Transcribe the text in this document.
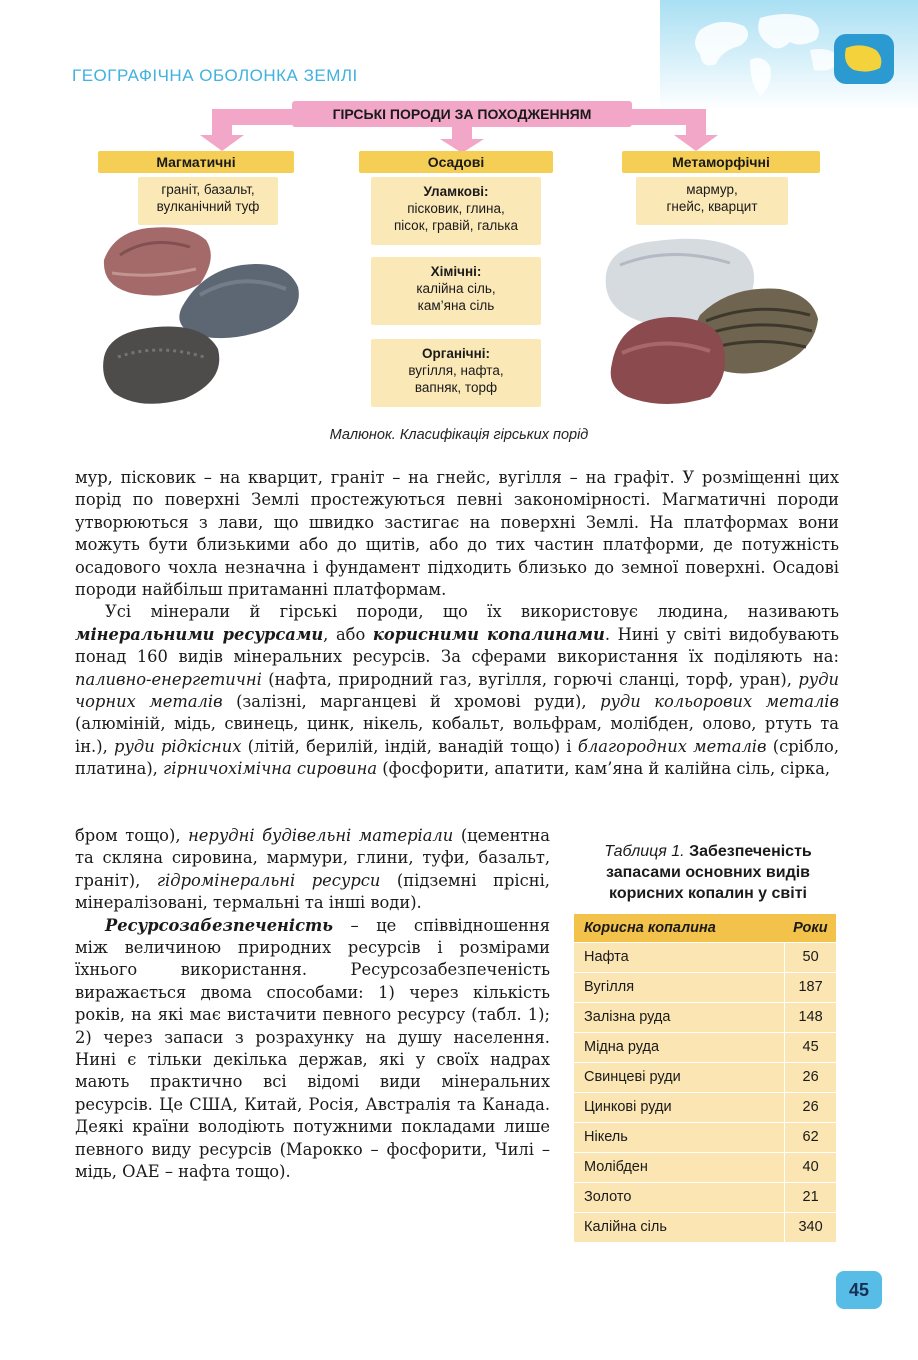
ГЕОГРАФІЧНА ОБОЛОНКА ЗЕМЛІ
ГІРСЬКІ ПОРОДИ ЗА ПОХОДЖЕННЯМ
Магматичні
граніт, базальт,
вулканічний туф
Осадові
Уламкові:
пісковик, глина,
пісок, гравій, галька
Хімічні:
калійна сіль,
кам’яна сіль
Органічні:
вугілля, нафта,
вапняк, торф
Метаморфічні
мармур,
гнейс, кварцит
Малюнок. Класифікація гірських порід

мур, пісковик – на кварцит, граніт – на гнейс, вугілля – на графіт. У розміщенні цих порід по поверхні Землі простежуються певні закономірності. Магматичні породи утворюються з лави, що швидко застигає на поверхні Землі. На платформах вони можуть бути близькими або до щитів, або до тих частин платформи, де потужність осадового чохла незначна і фундамент підходить близько до земної поверхні. Осадові породи найбільш притаманні платформам.

Усі мінерали й гірські породи, що їх використовує людина, називають мінеральними ресурсами, або корисними копалинами. Нині у світі видобувають понад 160 видів мінеральних ресурсів. За сферами використання їх поділяють на: паливно-енергетичні (нафта, природний газ, вугілля, горючі сланці, торф, уран), руди чорних металів (залізні, марганцеві й хромові руди), руди кольорових металів (алюміній, мідь, свинець, цинк, нікель, кобальт, вольфрам, молібден, олово, ртуть та ін.), руди рідкісних (літій, берилій, індій, ванадій тощо) і благородних металів (срібло, платина), гірничохімічна сировина (фосфорити, апатити, кам’яна й калійна сіль, сірка,

бром тощо), нерудні будівельні матеріали (цементна та скляна сировина, мармури, глини, туфи, базальт, граніт), гідромінеральні ресурси (підземні прісні, мінералізовані, термальні та інші води).

Ресурсозабезпеченість – це співвідношення між величиною природних ресурсів і розмірами їхнього використання. Ресурсозабезпеченість виражається двома способами: 1) через кількість років, на які має вистачити певного ресурсу (табл. 1); 2) через запаси з розрахунку на душу населення. Нині є тільки декілька держав, які у своїх надрах мають практично всі відомі види мінеральних ресурсів. Це США, Китай, Росія, Австралія та Канада. Деякі країни володіють потужними покладами лише певного виду ресурсів (Марокко – фосфорити, Чилі – мідь, ОАЕ – нафта тощо).

Таблиця 1. Забезпеченість запасами основних видів корисних копалин у світі
Корисна копалина	Роки
Нафта	50
Вугілля	187
Залізна руда	148
Мідна руда	45
Свинцеві руди	26
Цинкові руди	26
Нікель	62
Молібден	40
Золото	21
Калійна сіль	340
45
